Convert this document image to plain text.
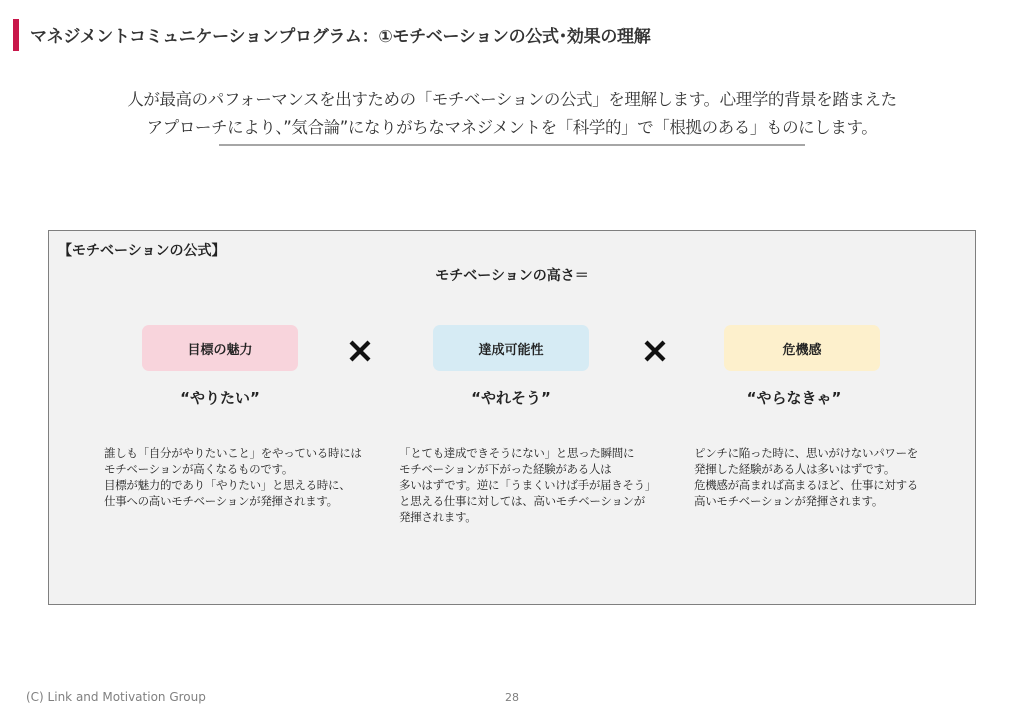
マネジメントコミュニケーションプログラム：①モチベーションの公式･効果の理解
人が最高のパフォーマンスを出すための「モチベーションの公式」を理解します。心理学的背景を踏まえた
アプローチにより、”気合論”になりがちなマネジメントを「科学的」で「根拠のある」ものにします。
【モチベーションの公式】
モチベーションの高さ＝
目標の魅力	達成可能性	危機感
“やりたい”	“やれそう”	“やらなきゃ”
誰しも「自分がやりたいこと」をやっている時には
モチベーションが高くなるものです。
目標が魅力的であり「やりたい」と思える時に、
仕事への高いモチベーションが発揮されます。
「とても達成できそうにない」と思った瞬間に
モチベーションが下がった経験がある人は
多いはずです。逆に「うまくいけば手が届きそう」
と思える仕事に対しては、高いモチベーションが
発揮されます。
ピンチに陥った時に、思いがけないパワーを
発揮した経験がある人は多いはずです。
危機感が高まれば高まるほど、仕事に対する
高いモチベーションが発揮されます。
(C) Link and Motivation Group	28
